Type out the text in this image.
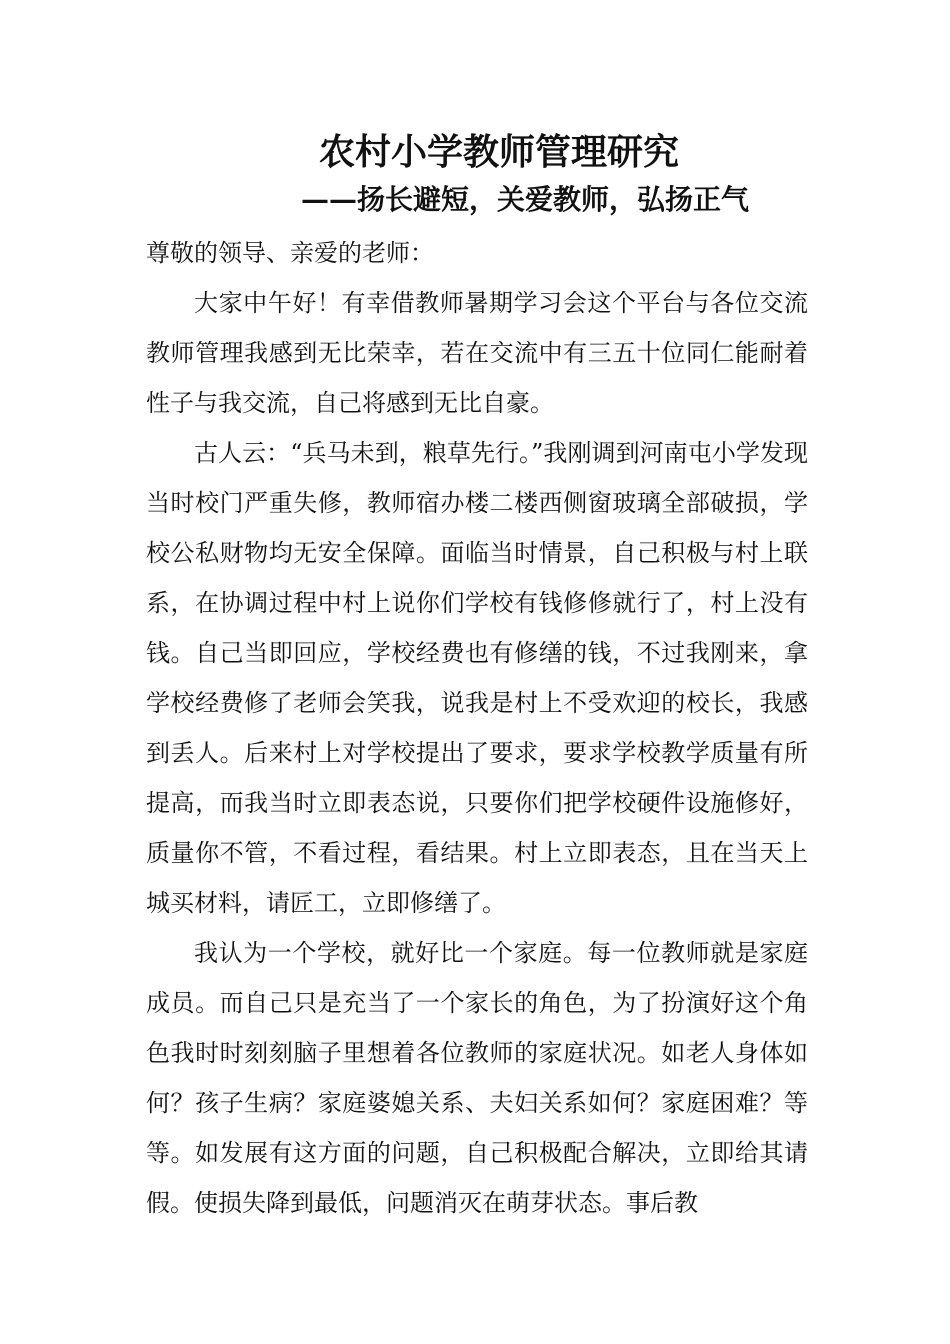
农村小学教师管理研究
——扬长避短，关爱教师，弘扬正气

尊敬的领导、亲爱的老师：

大家中午好！有幸借教师暑期学习会这个平台与各位交流教师管理我感到无比荣幸，若在交流中有三五十位同仁能耐着性子与我交流，自己将感到无比自豪。

古人云：“兵马未到，粮草先行。”我刚调到河南屯小学发现当时校门严重失修，教师宿办楼二楼西侧窗玻璃全部破损，学校公私财物均无安全保障。面临当时情景，自己积极与村上联系，在协调过程中村上说你们学校有钱修修就行了，村上没有钱。自己当即回应，学校经费也有修缮的钱，不过我刚来，拿学校经费修了老师会笑我，说我是村上不受欢迎的校长，我感到丢人。后来村上对学校提出了要求，要求学校教学质量有所提高，而我当时立即表态说，只要你们把学校硬件设施修好，质量你不管，不看过程，看结果。村上立即表态，且在当天上城买材料，请匠工，立即修缮了。

我认为一个学校，就好比一个家庭。每一位教师就是家庭成员。而自己只是充当了一个家长的角色，为了扮演好这个角色我时时刻刻脑子里想着各位教师的家庭状况。如老人身体如何？孩子生病？家庭婆媳关系、夫妇关系如何？家庭困难？等等。如发展有这方面的问题，自己积极配合解决，立即给其请假。使损失降到最低，问题消灭在萌芽状态。事后教
